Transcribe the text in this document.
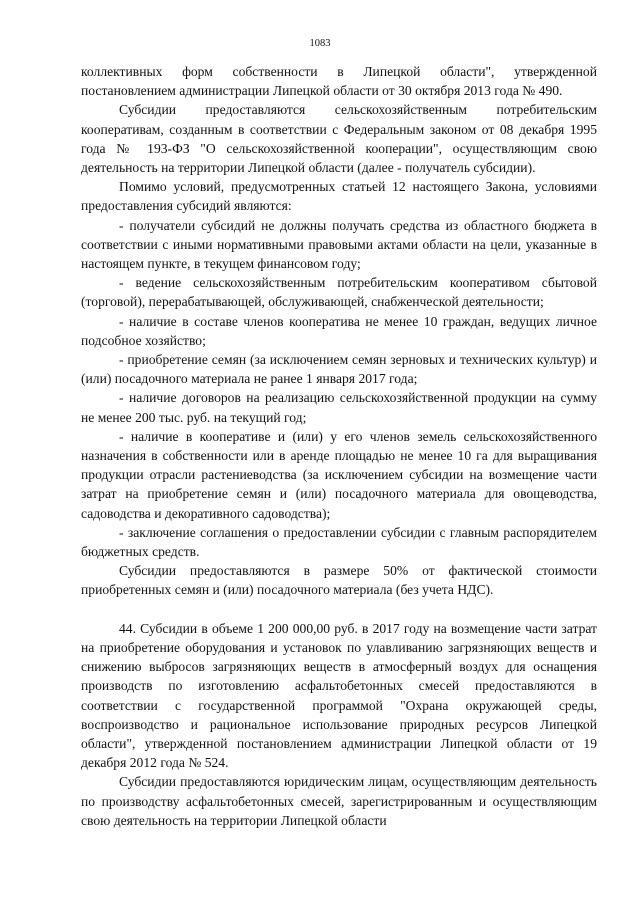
1083

коллективных форм собственности в Липецкой области", утвержденной постановлением администрации Липецкой области от 30 октября 2013 года № 490.

Субсидии предоставляются сельскохозяйственным потребительским кооперативам, созданным в соответствии с Федеральным законом от 08 декабря 1995 года № 193-ФЗ "О сельскохозяйственной кооперации", осуществляющим свою деятельность на территории Липецкой области (далее - получатель субсидии).

Помимо условий, предусмотренных статьей 12 настоящего Закона, условиями предоставления субсидий являются:

- получатели субсидий не должны получать средства из областного бюджета в соответствии с иными нормативными правовыми актами области на цели, указанные в настоящем пункте, в текущем финансовом году;

- ведение сельскохозяйственным потребительским кооперативом сбытовой (торговой), перерабатывающей, обслуживающей, снабженческой деятельности;

- наличие в составе членов кооператива не менее 10 граждан, ведущих личное подсобное хозяйство;

- приобретение семян (за исключением семян зерновых и технических культур) и (или) посадочного материала не ранее 1 января 2017 года;

- наличие договоров на реализацию сельскохозяйственной продукции на сумму не менее 200 тыс. руб. на текущий год;

- наличие в кооперативе и (или) у его членов земель сельскохозяйственного назначения в собственности или в аренде площадью не менее 10 га для выращивания продукции отрасли растениеводства (за исключением субсидии на возмещение части затрат на приобретение семян и (или) посадочного материала для овощеводства, садоводства и декоративного садоводства);

- заключение соглашения о предоставлении субсидии с главным распорядителем бюджетных средств.

Субсидии предоставляются в размере 50% от фактической стоимости приобретенных семян и (или) посадочного материала (без учета НДС).

44. Субсидии в объеме 1 200 000,00 руб. в 2017 году на возмещение части затрат на приобретение оборудования и установок по улавливанию загрязняющих веществ и снижению выбросов загрязняющих веществ в атмосферный воздух для оснащения производств по изготовлению асфальтобетонных смесей предоставляются в соответствии с государственной программой "Охрана окружающей среды, воспроизводство и рациональное использование природных ресурсов Липецкой области", утвержденной постановлением администрации Липецкой области от 19 декабря 2012 года № 524.

Субсидии предоставляются юридическим лицам, осуществляющим деятельность по производству асфальтобетонных смесей, зарегистрированным и осуществляющим свою деятельность на территории Липецкой области
